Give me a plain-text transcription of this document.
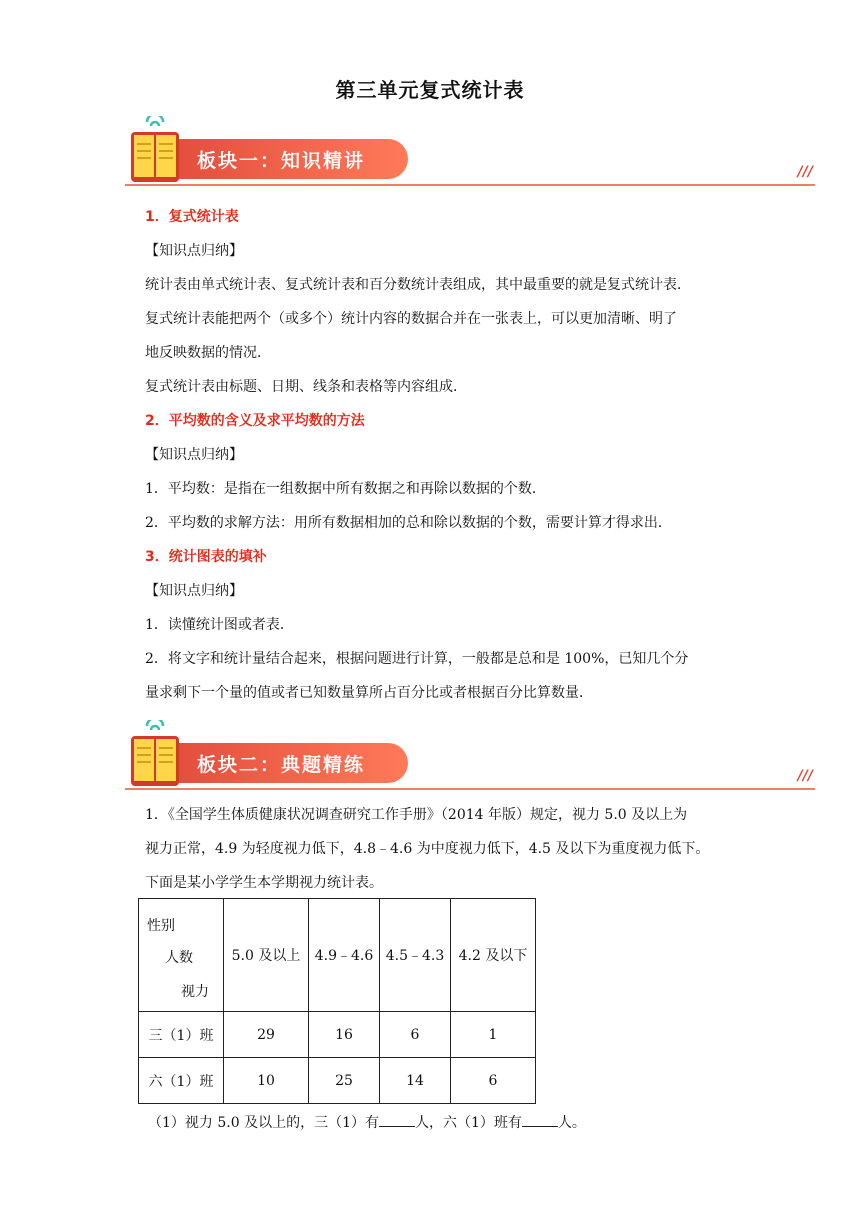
第三单元复式统计表
板块一：知识精讲	///

1．复式统计表

【知识点归纳】

统计表由单式统计表、复式统计表和百分数统计表组成，其中最重要的就是复式统计表．

复式统计表能把两个（或多个）统计内容的数据合并在一张表上，可以更加清晰、明了

地反映数据的情况．

复式统计表由标题、日期、线条和表格等内容组成．

2．平均数的含义及求平均数的方法

【知识点归纳】

1．平均数：是指在一组数据中所有数据之和再除以数据的个数．

2．平均数的求解方法：用所有数据相加的总和除以数据的个数，需要计算才得求出．

3．统计图表的填补

【知识点归纳】

1．读懂统计图或者表．

2．将文字和统计量结合起来，根据问题进行计算，一般都是总和是 100%，已知几个分

量求剩下一个量的值或者已知数量算所占百分比或者根据百分比算数量．

板块二：典题精练	///

1．《全国学生体质健康状况调查研究工作手册》（2014 年版）规定，视力 5.0 及以上为

视力正常，4.9 为轻度视力低下，4.8﹣4.6 为中度视力低下，4.5 及以下为重度视力低下。

下面是某小学学生本学期视力统计表。

性别
人数
视力	5.0 及以上	4.9﹣4.6	4.5﹣4.3	4.2 及以下
三（1）班	29	16	6	1
六（1）班	10	25	14	6

（1）视力 5.0 及以上的，三（1）有	人，六（1）班有	人。
